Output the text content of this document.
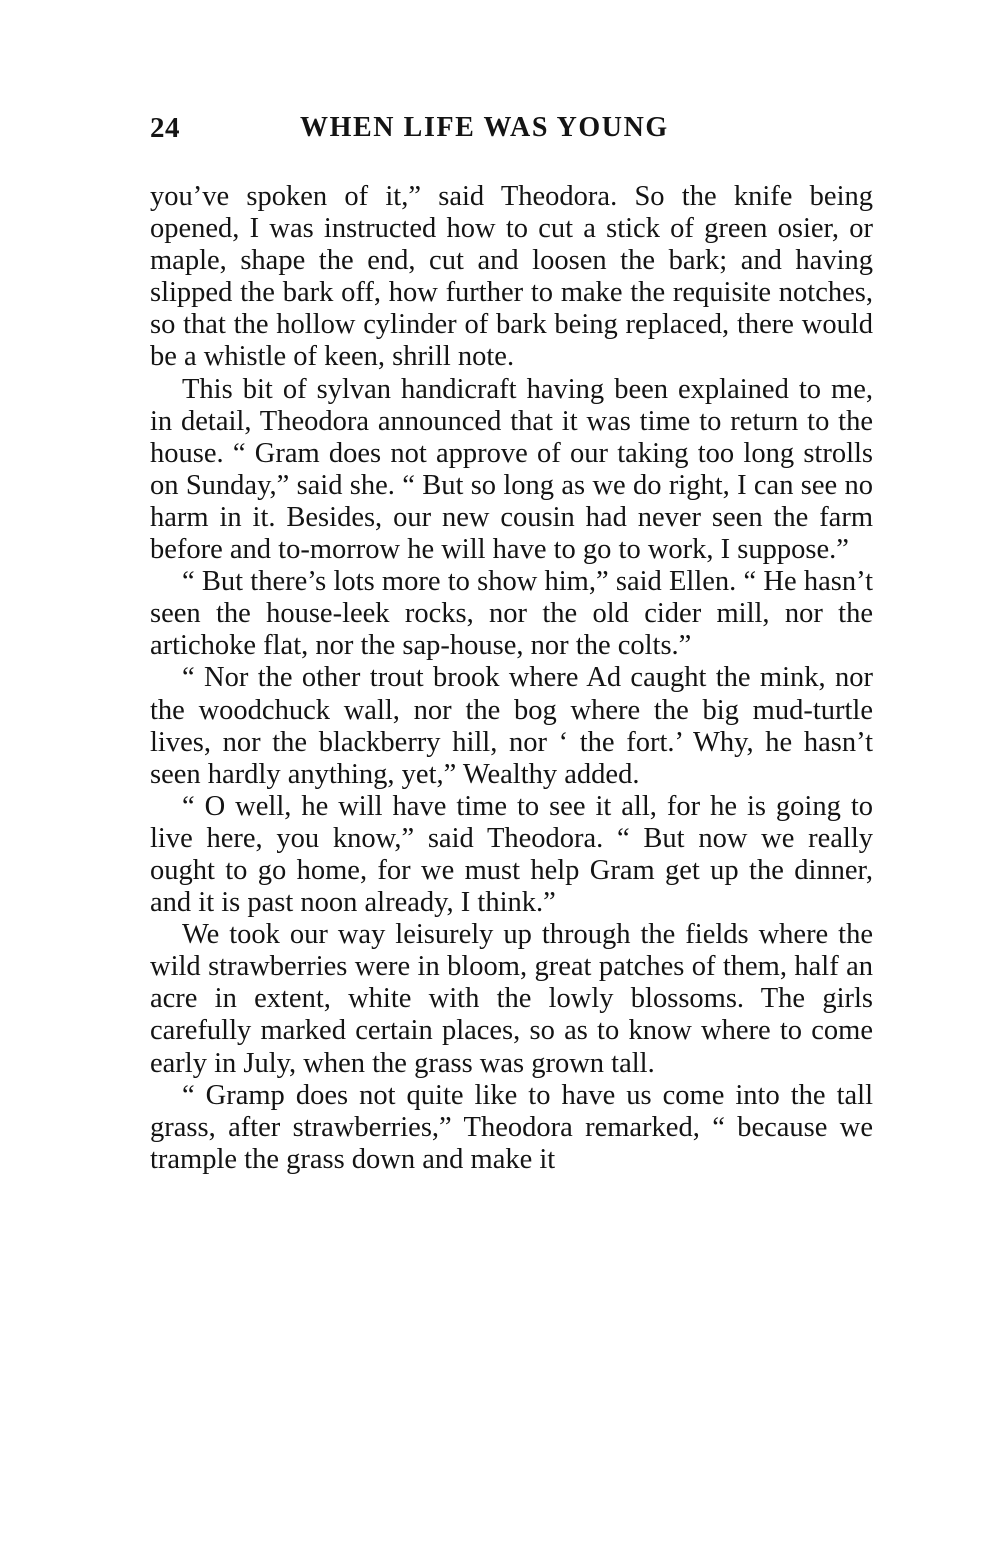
24	WHEN LIFE WAS YOUNG

you’ve spoken of it,” said Theodora. So the knife being opened, I was instructed how to cut a stick of green osier, or maple, shape the end, cut and loosen the bark; and having slipped the bark off, how further to make the requisite notches, so that the hollow cylinder of bark being replaced, there would be a whistle of keen, shrill note.

This bit of sylvan handicraft having been explained to me, in detail, Theodora announced that it was time to return to the house. “ Gram does not approve of our taking too long strolls on Sunday,” said she. “ But so long as we do right, I can see no harm in it. Besides, our new cousin had never seen the farm before and to-morrow he will have to go to work, I suppose.”

“ But there’s lots more to show him,” said Ellen. “ He hasn’t seen the house-leek rocks, nor the old cider mill, nor the artichoke flat, nor the sap-house, nor the colts.”

“ Nor the other trout brook where Ad caught the mink, nor the woodchuck wall, nor the bog where the big mud-turtle lives, nor the blackberry hill, nor ‘ the fort.’ Why, he hasn’t seen hardly anything, yet,” Wealthy added.

“ O well, he will have time to see it all, for he is going to live here, you know,” said Theodora. “ But now we really ought to go home, for we must help Gram get up the dinner, and it is past noon already, I think.”

We took our way leisurely up through the fields where the wild strawberries were in bloom, great patches of them, half an acre in extent, white with the lowly blossoms. The girls carefully marked certain places, so as to know where to come early in July, when the grass was grown tall.

“ Gramp does not quite like to have us come into the tall grass, after strawberries,” Theodora remarked, “ because we trample the grass down and make it
